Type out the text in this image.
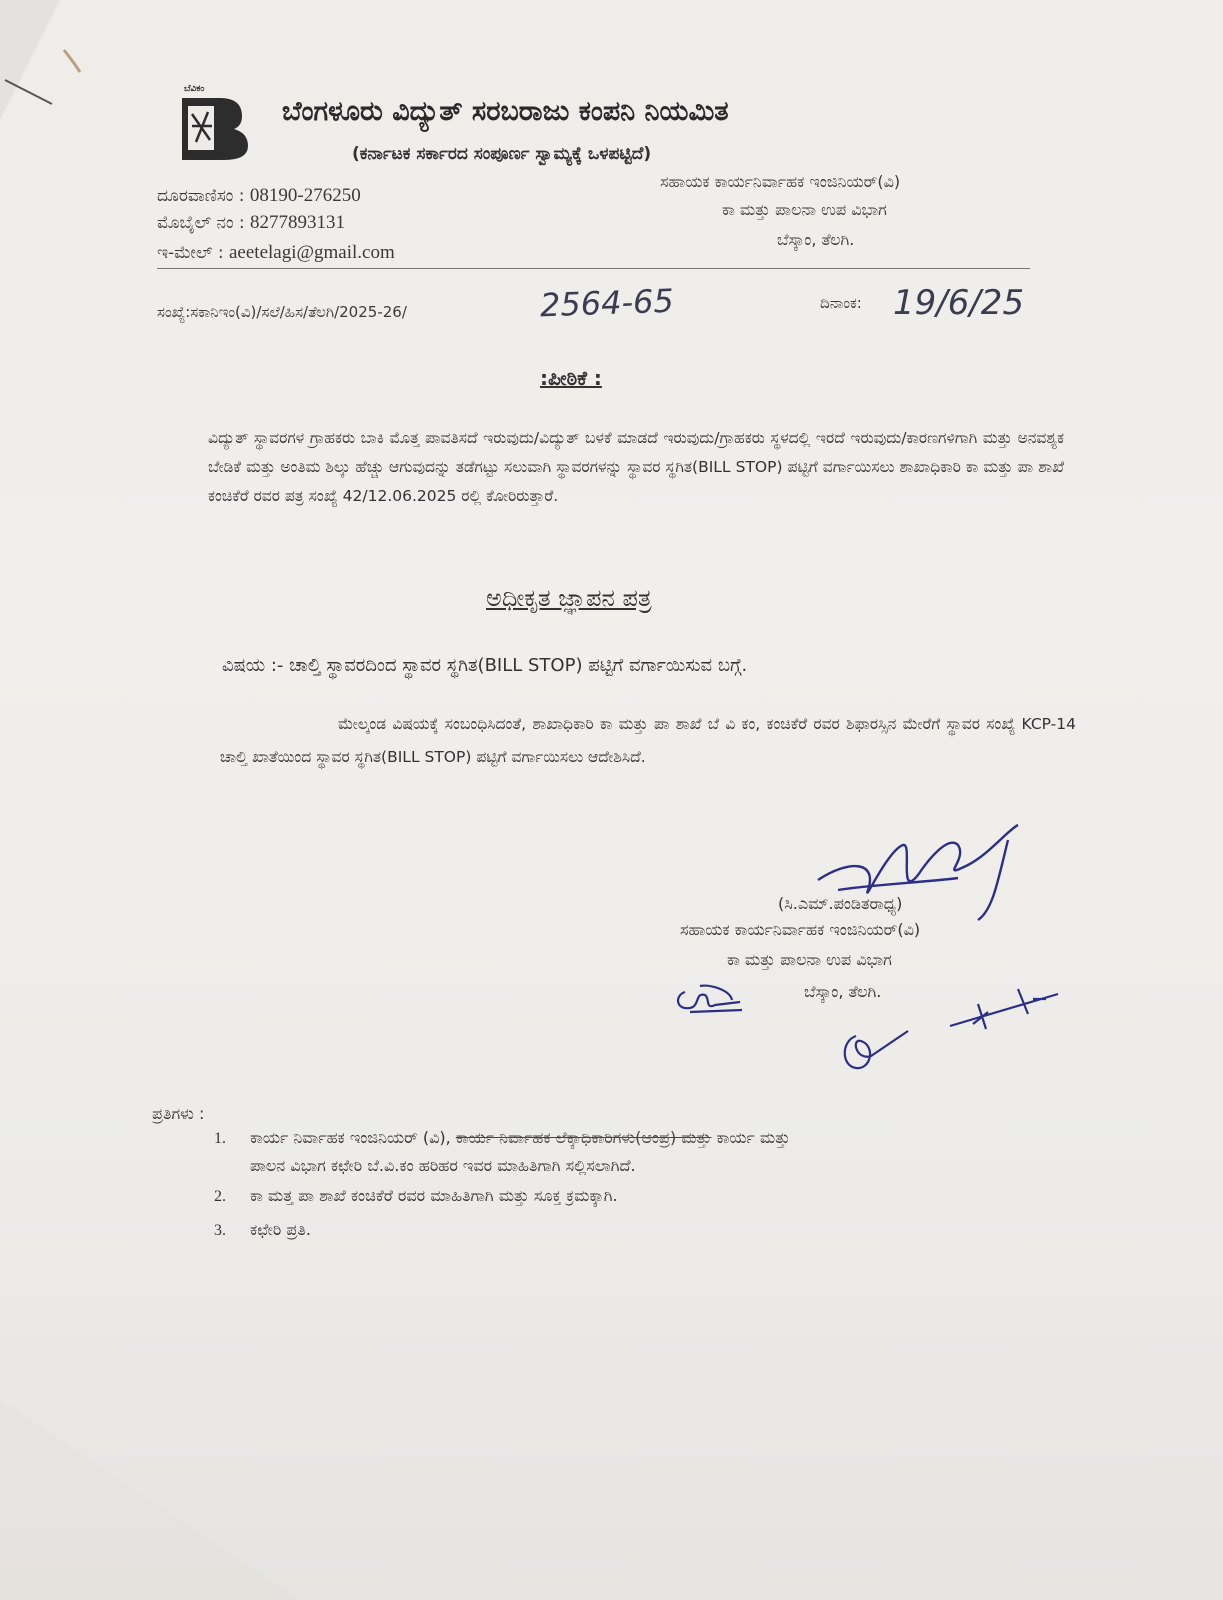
ಬೆವಿಕಂ
BESCOM
ಬೆಂಗಳೂರು ವಿದ್ಯುತ್ ಸರಬರಾಜು ಕಂಪನಿ ನಿಯಮಿತ
(ಕರ್ನಾಟಕ ಸರ್ಕಾರದ ಸಂಪೂರ್ಣ ಸ್ವಾಮ್ಯಕ್ಕೆ ಒಳಪಟ್ಟಿದೆ)
ದೂರವಾಣಿಸಂ : 08190-276250
ಮೊಬೈಲ್ ನಂ : 8277893131
ಇ-ಮೇಲ್ : aeetelagi@gmail.com
ಸಹಾಯಕ ಕಾರ್ಯನಿರ್ವಾಹಕ ಇಂಜಿನಿಯರ್(ವಿ)
ಕಾ ಮತ್ತು ಪಾಲನಾ ಉಪ ವಿಭಾಗ
ಬೆಸ್ಕಾಂ, ತೆಲಗಿ.
ಸಂಖ್ಯೆ:ಸಕಾನಿಇಂ(ವಿ)/ಸಲೆ/ಹಿಸ/ತೆಲಗಿ/2025-26/	2564-65	ದಿನಾಂಕ: 19/6/25
:ಪೀಠಿಕೆ :
ವಿದ್ಯುತ್ ಸ್ಥಾವರಗಳ ಗ್ರಾಹಕರು ಬಾಕಿ ಮೊತ್ತ ಪಾವತಿಸದೆ ಇರುವುದು/ವಿದ್ಯುತ್ ಬಳಕೆ ಮಾಡದೆ ಇರುವುದು/ಗ್ರಾಹಕರು ಸ್ಥಳದಲ್ಲಿ ಇರದೆ ಇರುವುದು/ಕಾರಣಗಳಿಗಾಗಿ ಮತ್ತು ಅನವಶ್ಯಕ ಬೇಡಿಕೆ ಮತ್ತು ಅಂತಿಮ ಶಿಲ್ಕು ಹೆಚ್ಚು ಆಗುವುದನ್ನು ತಡೆಗಟ್ಟು ಸಲುವಾಗಿ ಸ್ಥಾವರಗಳನ್ನು ಸ್ಥಾವರ ಸ್ಥಗಿತ(BILL STOP) ಪಟ್ಟಿಗೆ ವರ್ಗಾಯಿಸಲು ಶಾಖಾಧಿಕಾರಿ ಕಾ ಮತ್ತು ಪಾ ಶಾಖೆ ಕಂಚಿಕೆರೆ ರವರ ಪತ್ರ ಸಂಖ್ಯೆ 42/12.06.2025 ರಲ್ಲಿ ಕೋರಿರುತ್ತಾರೆ.
ಅಧೀಕೃತ ಜ್ಞಾಪನ ಪತ್ರ
ವಿಷಯ :- ಚಾಲ್ತಿ ಸ್ಥಾವರದಿಂದ ಸ್ಥಾವರ ಸ್ಥಗಿತ(BILL STOP) ಪಟ್ಟಿಗೆ ವರ್ಗಾಯಿಸುವ ಬಗ್ಗೆ.
ಮೇಲ್ಕಂಡ ವಿಷಯಕ್ಕೆ ಸಂಬಂಧಿಸಿದಂತೆ, ಶಾಖಾಧಿಕಾರಿ ಕಾ ಮತ್ತು ಪಾ ಶಾಖೆ ಬೆ ವಿ ಕಂ, ಕಂಚಿಕೆರೆ ರವರ ಶಿಫಾರಸ್ಸಿನ ಮೇರೆಗೆ ಸ್ಥಾವರ ಸಂಖ್ಯೆ KCP-14 ಚಾಲ್ತಿ ಖಾತೆಯಿಂದ ಸ್ಥಾವರ ಸ್ಥಗಿತ(BILL STOP) ಪಟ್ಟಿಗೆ ವರ್ಗಾಯಿಸಲು ಆದೇಶಿಸಿದೆ.
(ಸಿ.ಎಮ್.ಪಂಡಿತರಾಧ್ಯ)
ಸಹಾಯಕ ಕಾರ್ಯನಿರ್ವಾಹಕ ಇಂಜಿನಿಯರ್(ವಿ)
ಕಾ ಮತ್ತು ಪಾಲನಾ ಉಪ ವಿಭಾಗ
ಬೆಸ್ಕಾಂ, ತೆಲಗಿ.
ಪ್ರತಿಗಳು :
1. ಕಾರ್ಯ ನಿರ್ವಾಹಕ ಇಂಜಿನಿಯರ್ (ವಿ), ಕಾರ್ಯ ನಿರ್ವಾಹಕ ಲೆಕ್ಕಾಧಿಕಾರಿಗಳು(ಆಂಪ್ರ) ಮತ್ತು ಕಾರ್ಯ ಮತ್ತು
ಪಾಲನ ವಿಭಾಗ ಕಛೇರಿ ಬೆ.ವಿ.ಕಂ ಹರಿಹರ ಇವರ ಮಾಹಿತಿಗಾಗಿ ಸಲ್ಲಿಸಲಾಗಿದೆ.
2. ಕಾ ಮತ್ತ ಪಾ ಶಾಖೆ ಕಂಚಿಕೆರೆ ರವರ ಮಾಹಿತಿಗಾಗಿ ಮತ್ತು ಸೂಕ್ತ ಕ್ರಮಕ್ಕಾಗಿ.
3. ಕಛೇರಿ ಪ್ರತಿ.
